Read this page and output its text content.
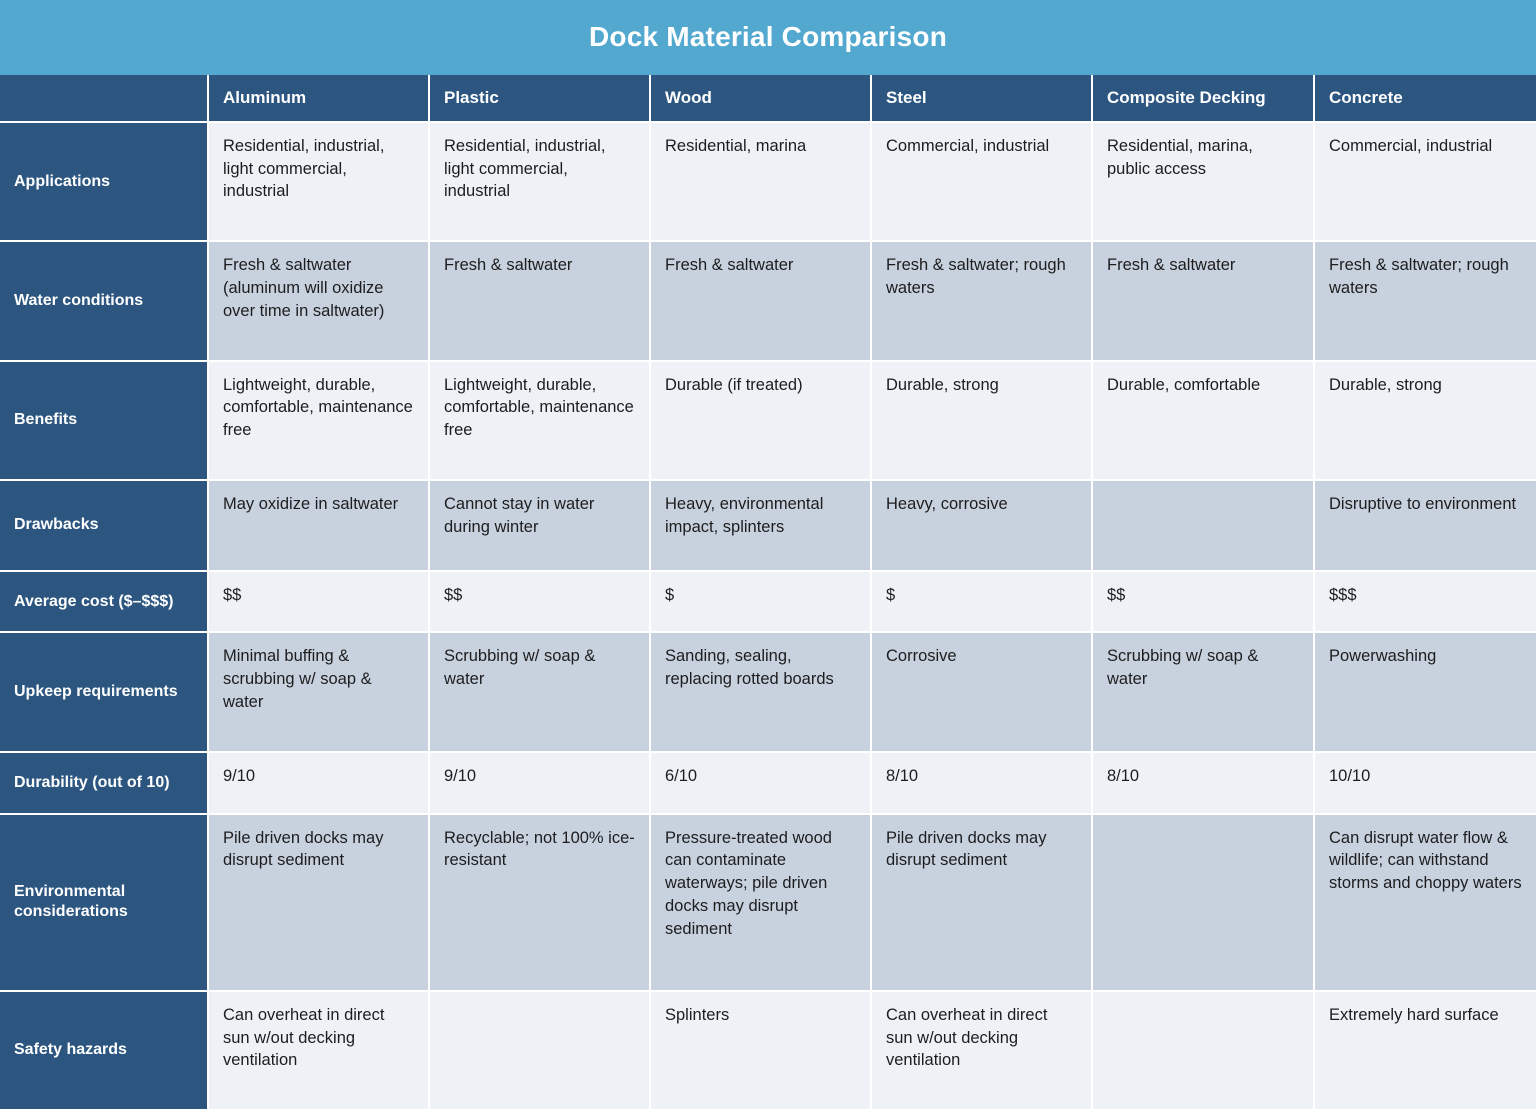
Dock Material Comparison
	Aluminum	Plastic	Wood	Steel	Composite Decking	Concrete
Applications	Residential, industrial, light commercial, industrial	Residential, industrial, light commercial, industrial	Residential, marina	Commercial, industrial	Residential, marina, public access	Commercial, industrial
Water conditions	Fresh & saltwater (aluminum will oxidize over time in saltwater)	Fresh & saltwater	Fresh & saltwater	Fresh & saltwater; rough waters	Fresh & saltwater	Fresh & saltwater; rough waters
Benefits	Lightweight, durable, comfortable, maintenance free	Lightweight, durable, comfortable, maintenance free	Durable (if treated)	Durable, strong	Durable, comfortable	Durable, strong
Drawbacks	May oxidize in saltwater	Cannot stay in water during winter	Heavy, environmental impact, splinters	Heavy, corrosive		Disruptive to environment
Average cost ($–$$$)	$$	$$	$	$	$$	$$$
Upkeep requirements	Minimal buffing & scrubbing w/ soap & water	Scrubbing w/ soap & water	Sanding, sealing, replacing rotted boards	Corrosive	Scrubbing w/ soap & water	Powerwashing
Durability (out of 10)	9/10	9/10	6/10	8/10	8/10	10/10
Environmental considerations	Pile driven docks may disrupt sediment	Recyclable; not 100% ice-resistant	Pressure-treated wood can contaminate waterways; pile driven docks may disrupt sediment	Pile driven docks may disrupt sediment		Can disrupt water flow & wildlife; can withstand storms and choppy waters
Safety hazards	Can overheat in direct sun w/out decking ventilation		Splinters	Can overheat in direct sun w/out decking ventilation		Extremely hard surface
